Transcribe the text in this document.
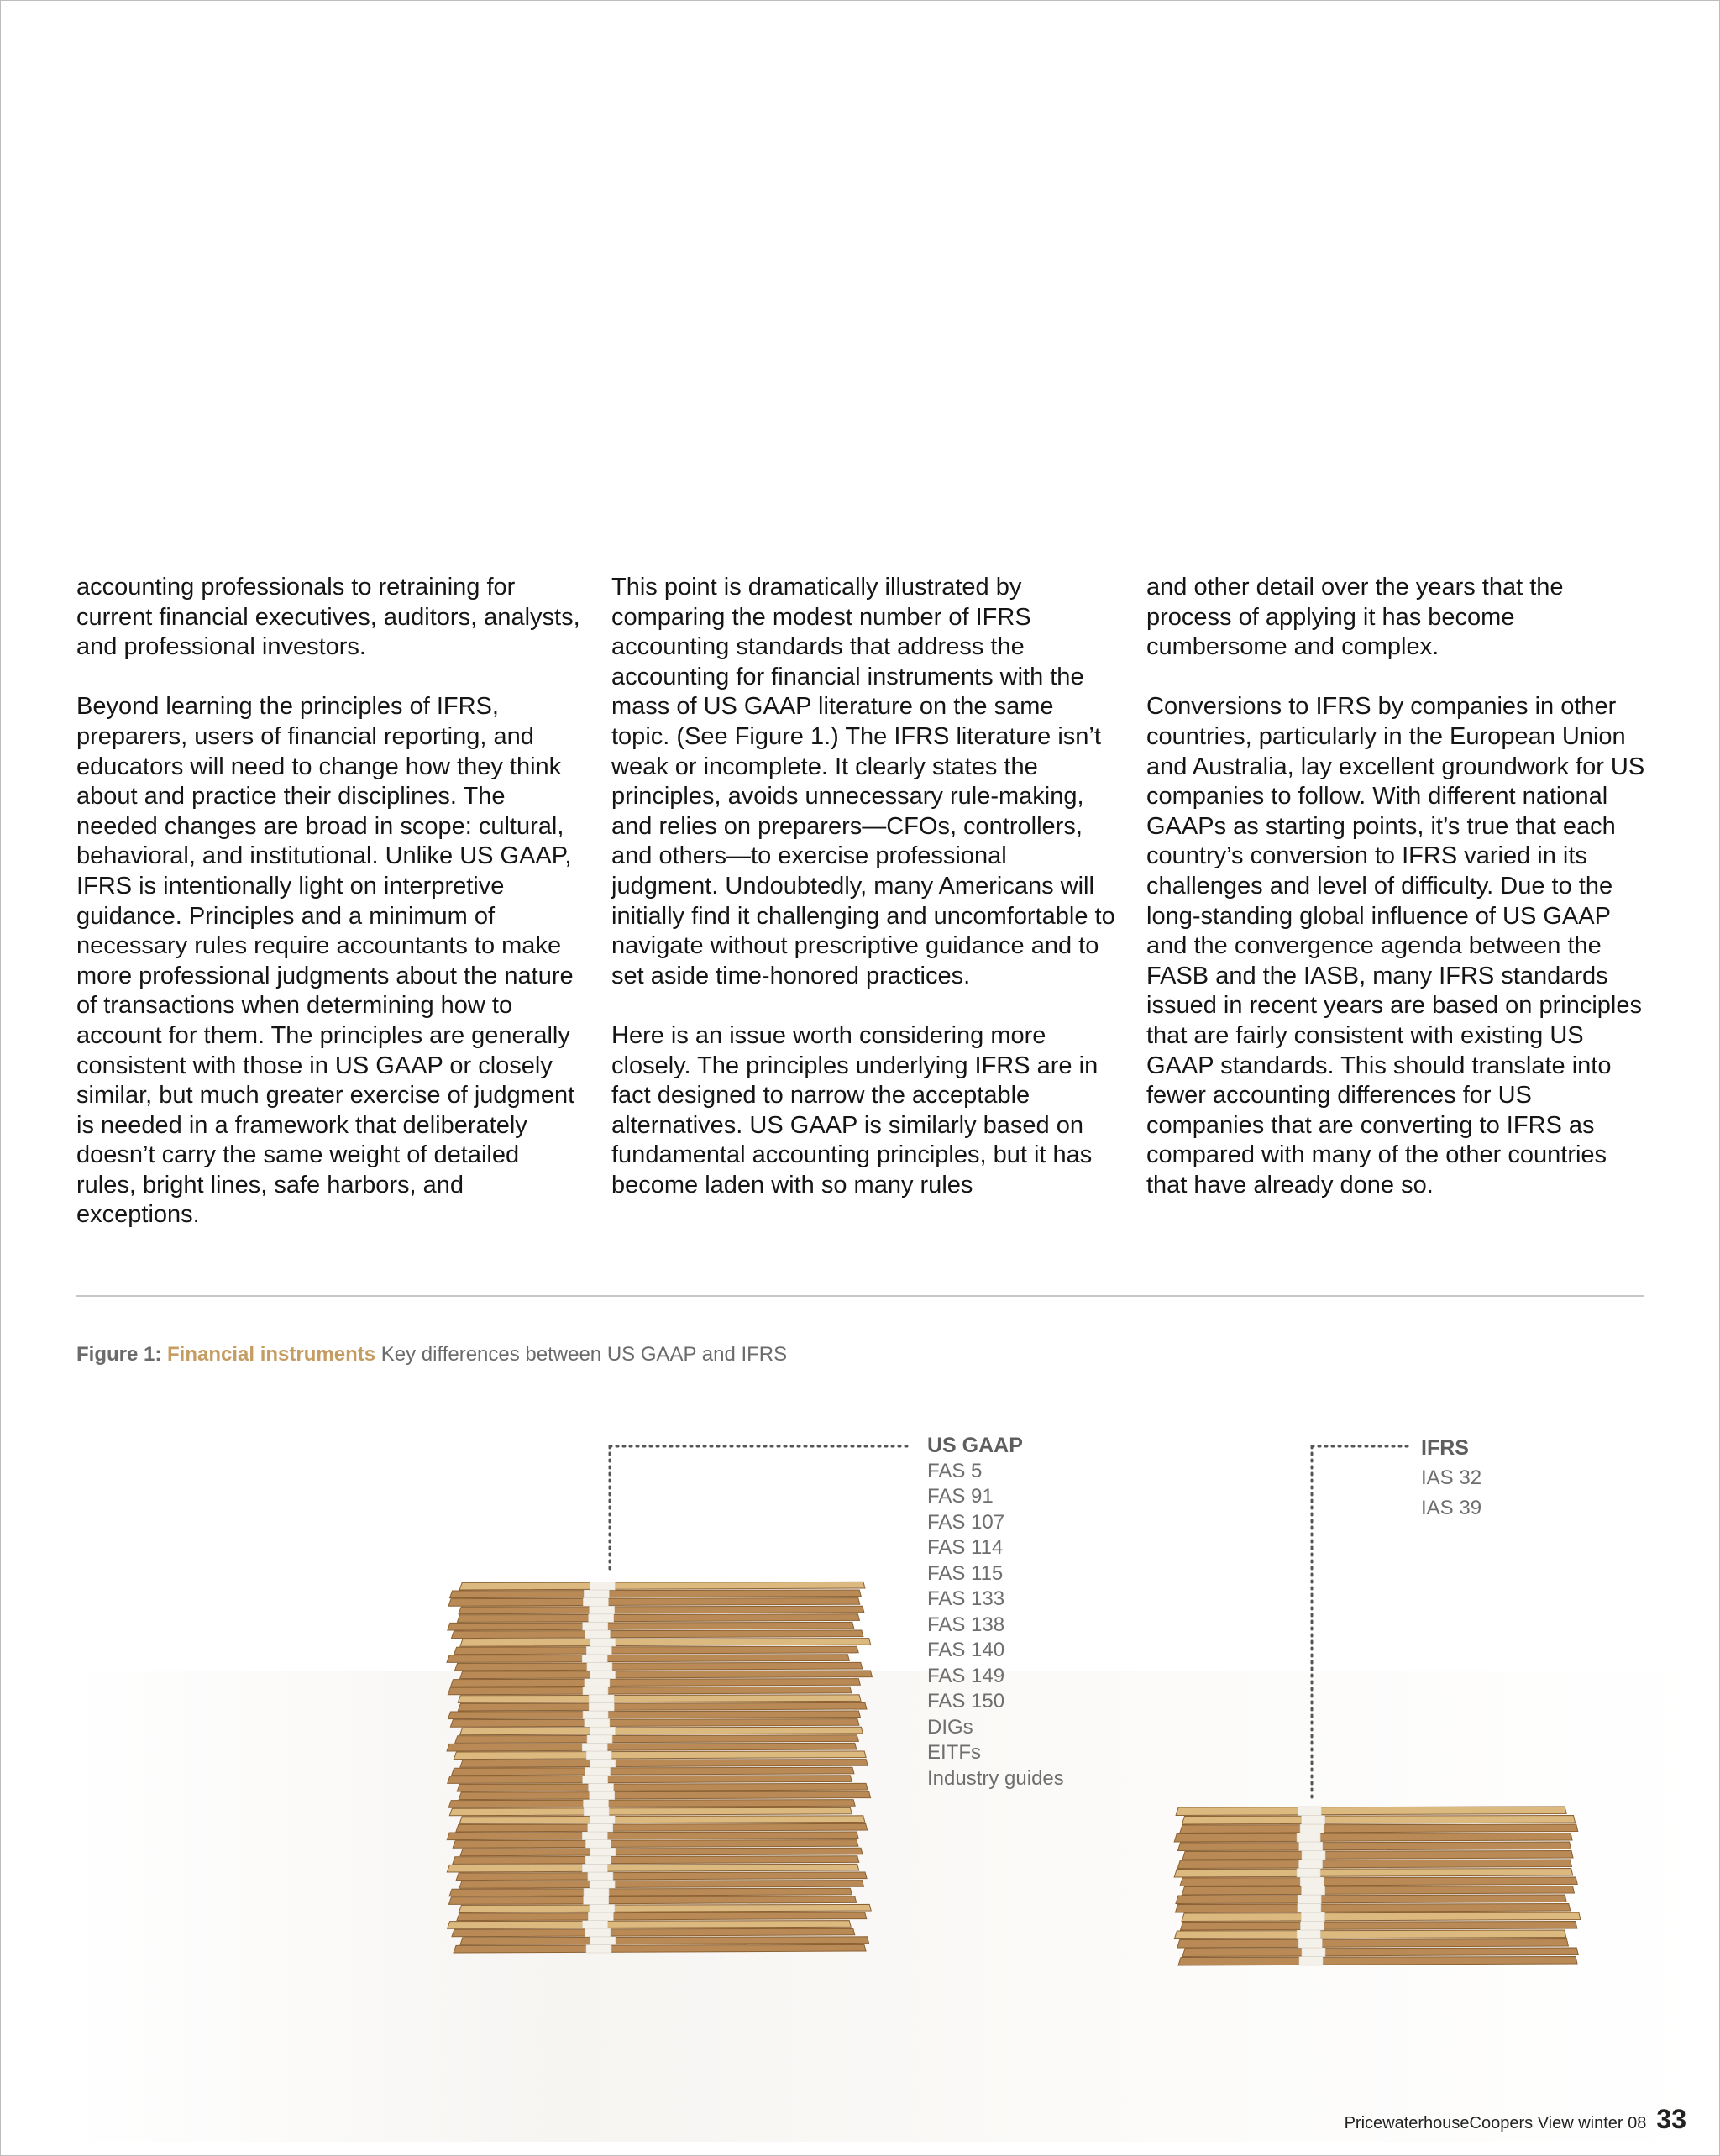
accounting professionals to retraining for current financial executives, auditors, analysts, and professional investors.

Beyond learning the principles of IFRS, preparers, users of financial reporting, and educators will need to change how they think about and practice their disciplines. The needed changes are broad in scope: cultural, behavioral, and institutional. Unlike US GAAP, IFRS is intentionally light on interpretive guidance. Principles and a minimum of necessary rules require accountants to make more professional judgments about the nature of transactions when determining how to account for them. The principles are generally consistent with those in US GAAP or closely similar, but much greater exercise of judgment is needed in a framework that deliberately doesn’t carry the same weight of detailed rules, bright lines, safe harbors, and exceptions.

This point is dramatically illustrated by comparing the modest number of IFRS accounting standards that address the accounting for financial instruments with the mass of US GAAP literature on the same topic. (See Figure 1.) The IFRS literature isn’t weak or incomplete. It clearly states the principles, avoids unnecessary rule-making, and relies on preparers—CFOs, controllers, and others—to exercise professional judgment. Undoubtedly, many Americans will initially find it challenging and uncomfortable to navigate without prescriptive guidance and to set aside time-honored practices.

Here is an issue worth considering more closely. The principles underlying IFRS are in fact designed to narrow the acceptable alternatives. US GAAP is similarly based on fundamental accounting principles, but it has become laden with so many rules

and other detail over the years that the process of applying it has become cumbersome and complex.

Conversions to IFRS by companies in other countries, particularly in the European Union and Australia, lay excellent groundwork for US companies to follow. With different national GAAPs as starting points, it’s true that each country’s conversion to IFRS varied in its challenges and level of difficulty. Due to the long-standing global influence of US GAAP and the convergence agenda between the FASB and the IASB, many IFRS standards issued in recent years are based on principles that are fairly consistent with existing US GAAP standards. This should translate into fewer accounting differences for US companies that are converting to IFRS as compared with many of the other countries that have already done so.

Figure 1: Financial instruments Key differences between US GAAP and IFRS
US GAAP
FAS 5
FAS 91
FAS 107
FAS 114
FAS 115
FAS 133
FAS 138
FAS 140
FAS 149
FAS 150
DIGs
EITFs
Industry guides
IFRS
IAS 32
IAS 39
PricewaterhouseCoopers View winter 08 33
